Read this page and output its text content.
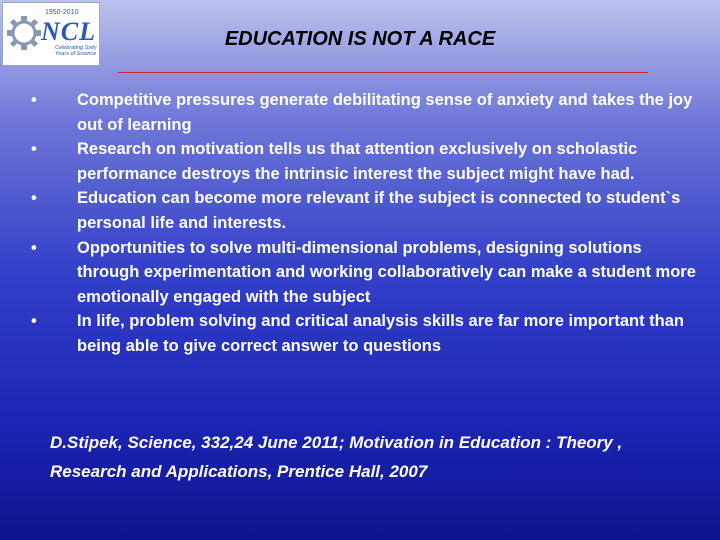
1950-2010
NCL
Celebrating Sixty Years of Science
EDUCATION IS NOT A RACE
• Competitive pressures generate debilitating sense of anxiety and takes the joy out of learning
• Research on motivation tells us that attention exclusively on scholastic performance destroys the intrinsic interest the subject might have had.
• Education can become more relevant if the subject is connected to student`s personal life and interests.
• Opportunities to solve multi-dimensional problems, designing solutions through experimentation and working collaboratively can make a student more emotionally engaged with the subject
• In life, problem solving and critical analysis skills are far more important than being able to give correct answer to questions
D.Stipek, Science, 332,24 June 2011; Motivation in Education : Theory , Research and Applications, Prentice Hall, 2007
